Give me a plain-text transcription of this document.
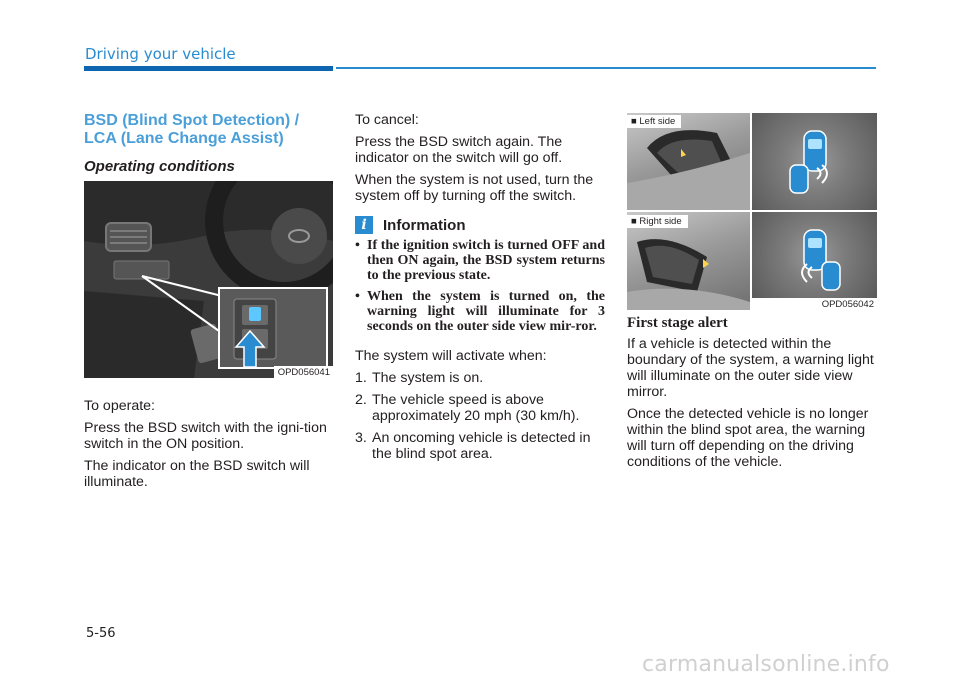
Driving your vehicle

BSD (Blind Spot Detection) / LCA (Lane Change Assist)
Operating conditions
OPD056041

To operate:

Press the BSD switch with the igni-tion switch in the ON position.

The indicator on the BSD switch will illuminate.

To cancel:

Press the BSD switch again. The indicator on the switch will go off.

When the system is not used, turn the system off by turning off the switch.

i	Information
• If the ignition switch is turned OFF and then ON again, the BSD system returns to the previous state.
• When the system is turned on, the warning light will illuminate for 3 seconds on the outer side view mir-ror.

The system will activate when:

1. The system is on.
2. The vehicle speed is above approximately 20 mph (30 km/h).
3. An oncoming vehicle is detected in the blind spot area.
■ Left side
■ Right side
OPD056042
First stage alert

If a vehicle is detected within the boundary of the system, a warning light will illuminate on the outer side view mirror.

Once the detected vehicle is no longer within the blind spot area, the warning will turn off depending on the driving conditions of the vehicle.

5-56

carmanualsonline.info
